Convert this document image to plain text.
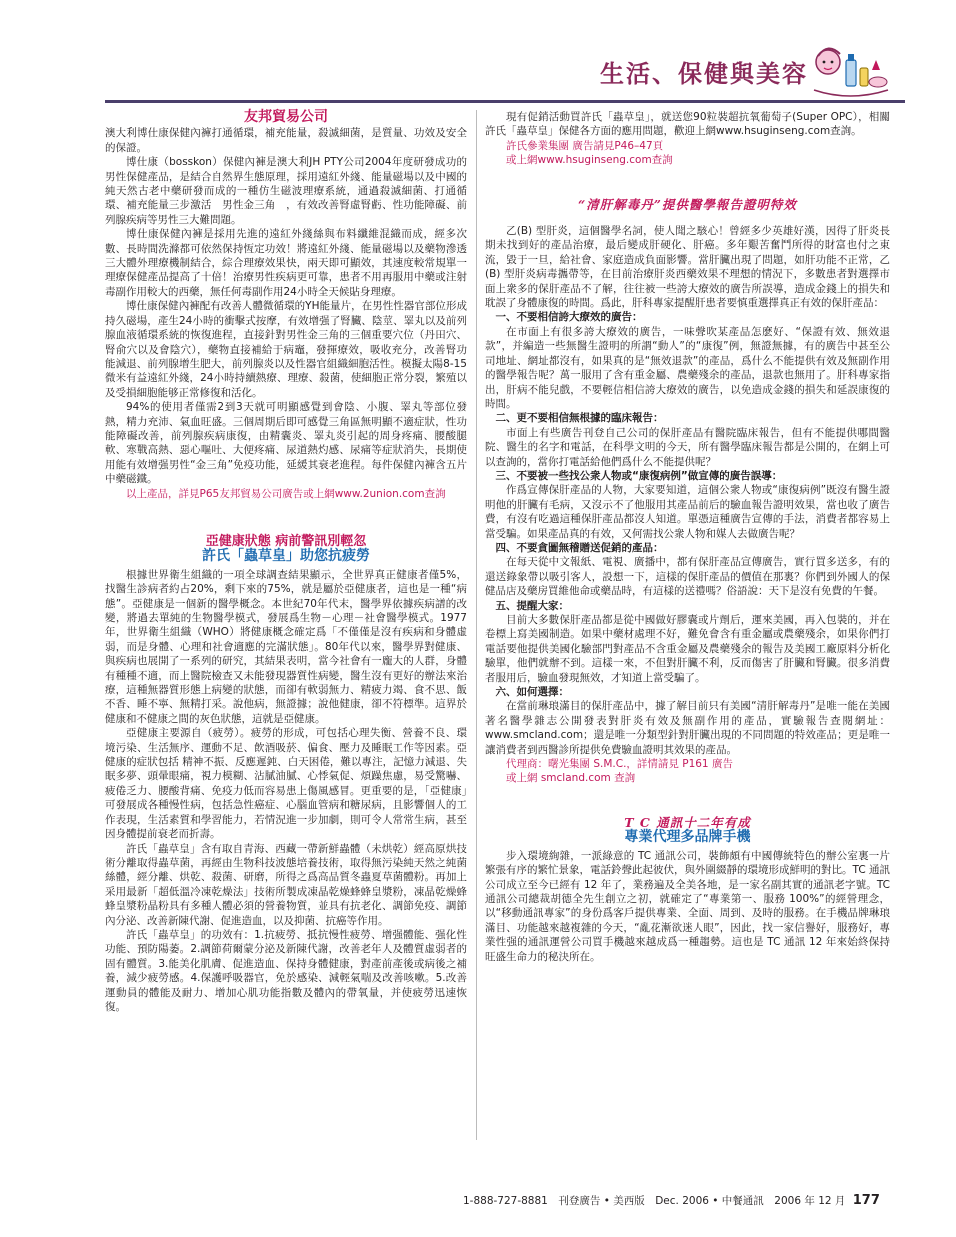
生活、保健與美容
友邦貿易公司

澳大利博仕康保健內褲打通循環，補充能量，殺滅細菌，是質量、功效及安全的保證。

博仕康（bosskon）保健內褲是澳大利JH PTY公司2004年度研發成功的男性保健產品，是結合自然界生態原理，採用遠紅外綫、能量磁場以及中國的純天然古老中藥研發而成的一種仿生磁波理療系統，通過殺滅細菌、打通循環、補充能量三步激活　男性金三角　，有效改善腎虛腎虧、性功能障礙、前列腺疾病等男性三大難問題。

博仕康保健內褲是採用先進的遠紅外綫絲與布料纖維混織而成，經多次數、長時間洗滌都可依然保持恆定功效！將遠紅外綫、能量磁場以及藥物滲透三大體外理療機制結合，綜合理療效果快，兩天即可顯效，其速度較常規單一理療保健產品提高了十倍！治療男性疾病更可靠，患者不用再服用中藥或注射毒副作用較大的西藥，無任何毒副作用24小時全天候貼身理療。

博仕康保健內褲配有改善人體微循環的YH能量片，在男性性器官部位形成持久磁場，產生24小時的衝擊式按摩，有效增强了腎臟、陰莖、睪丸以及前列腺血液循環系統的恢復進程，直接針對男性金三角的三個重要穴位（丹田穴、腎俞穴以及會陰穴），藥物直接補給于病竈，發揮療效，吸收充分，改善腎功能減退、前列腺增生肥大，前列腺炎以及性器官組織細胞活性。模擬太陽8-15微米有益遠紅外綫，24小時持續熱療、理療、殺菌，使細胞正常分裂，繁殖以及受損細胞能够正常修復和活化。

94%的使用者僅需2到3天就可明顯感覺到會陰、小腹、睪丸等部位發熱，精力充沛、氣血旺盛。三個周期后即可感覺三角區無明顯不適症狀，性功能障礙改善，前列腺疾病康復，由精囊炎、睪丸炎引起的周身疼痛、腰酸腿軟、寒戰高熱、惡心嘔吐、大便疼痛、尿道熱灼感、尿痛等症狀消失，長期使用能有效增强男性“金三角”免疫功能，延緩其衰老進程。每件保健內褲含五片中藥磁鐵。

以上產品，詳見P65友邦貿易公司廣告或上網www.2union.com查詢

亞健康狀態 病前警訊別輕忽
許氏「蟲草皇」助您抗疲勞

根據世界衛生組織的一項全球調查結果顯示，全世界真正健康者僅5%，找醫生診病者約占20%，剩下來的75%，就是屬於亞健康者，這也是一種“病態”。亞健康是一個新的醫學概念。本世紀70年代末，醫學界依據疾病譜的改變，將過去單純的生物醫學模式，發展爲生物－心理－社會醫學模式。1977年，世界衛生組織（WHO）將健康概念確定爲「不僅僅是沒有疾病和身體虛弱，而是身體、心理和社會適應的完滿狀態」。80年代以來，醫學界對健康、與疾病也展開了一系列的研究，其結果表明，當今社會有一龐大的人群，身體有種種不適，而上醫院檢查又未能發現器質性病變，醫生沒有更好的辦法來治療，這種無器質形態上病變的狀態，而卻有軟弱無力、精疲力竭、食不思、飯不香、睡不寧、無精打采。說他病，無證據；說他健康，卻不符標準。這界於健康和不健康之間的灰色狀態，這就是亞健康。

亞健康主要源自（疲勞）。疲勞的形成，可包括心理失衡、營養不良、環境污染、生活無序、運動不足、飲酒吸菸、偏食、壓力及睡眠工作等因素。亞健康的症狀包括 精神不振、反應遲鈍、白天困倦，難以專注，記憶力減退、失眠多夢、頭暈眼痛，視力模糊、沾膩油膩、心悸氣促、煩躁焦慮，易受驚嚇、疲倦乏力、腰酸背痛、免疫力低而容易患上傷風感冒。更重要的是，「亞健康」可發展成各種慢性病，包括急性癌症、心腦血管病和糖尿病，且影響個人的工作表現，生活素質和學習能力，若情況進一步加劇，則可令人常常生病，甚至因身體提前衰老而折壽。

許氏「蟲草皇」含有取自青海、西藏一帶新鮮蟲體（未烘乾）經高原烘技術分離取得蟲草菌，再經由生物科技波態培養技術，取得無污染純天然之純菌絲體，經分離、烘乾、殺菌、研磨，所得之爲高品質冬蟲夏草菌體粉。再加上采用最新「超低溫冷凍乾燥法」技術所製成凍晶乾燥蜂蜂皇漿粉，凍晶乾燥蜂蜂皇漿粉晶粉具有多種人體必須的營養物質，並具有抗老化、調節免疫、調節內分泌、改善新陳代謝、促進造血，以及抑菌、抗癌等作用。

許氏「蟲草皇」的功效有：1.抗疲勞、抵抗慢性疲勞、增强體能、强化性功能、預防陽萎。2.調節荷爾蒙分泌及新陳代謝，改善老年人及體質虛弱者的固有體質。3.能美化肌膚、促進造血、保持身體健康，對產前產後或病後之補養，減少疲勞感。4.保護呼吸器官，免於感染、減輕氣喘及改善咳嗽。5.改善運動員的體能及耐力、增加心肌功能指數及體內的帶氧量，并使疲勞迅速恢復。

現有促銷活動買許氏「蟲草皇」，就送您90粒裝超抗氧葡萄子(Super OPC），相關許氏「蟲草皇」保健各方面的應用問題，歡迎上網www.hsuginseng.com查詢。

許氏參業集團 廣告請見P46–47頁

或上網www.hsuginseng.com查詢

“清肝解毒丹”提供醫學報告證明特效

乙(B) 型肝炎，這個醫學名詞，使人聞之駭心！曾經多少英雄好漢，因得了肝炎長期未找到好的產品治療，最后變成肝硬化、肝癌。多年艱苦奮鬥所得的財富也付之東流，毀于一旦，給社會、家庭造成負面影響。當肝臟出現了問題，如肝功能不正常，乙 (B) 型肝炎病毒攜帶等，在目前治療肝炎西藥效果不理想的情況下，多數患者對選擇市面上衆多的保肝產品不了解，往往被一些誇大療效的廣告所誤導，造成金錢上的損失和耽誤了身體康復的時間。爲此，肝科專家提醒肝患者要慎重選擇真正有效的保肝產品：

一、不要相信誇大療效的廣告：

在市面上有很多誇大療效的廣告，一味聲吹某產品怎麽好、“保證有效、無效退款”，并編造一些無醫生證明的所謂“動人”的“康復”例，無證無據，有的廣告中甚至公司地址、網址都沒有，如果真的是“無效退款”的產品，爲什么不能提供有效及無副作用的醫學報告呢？萬一服用了含有重金屬、農藥殘余的產品，退款也無用了。肝科專家指出，肝病不能兒戲，不要輕信相信誇大療效的廣告，以免造成金錢的損失和延誤康復的時間。

二、更不要相信無根據的臨床報告：

市面上有些廣告刊登自己公司的保肝產品有醫院臨床報告，但有不能提供哪間醫院、醫生的名字和電話，在科學文明的今天，所有醫學臨床報告都是公開的，在網上可以查詢的，當你打電話給他們爲什么不能提供呢？

三、不要被一些找公衆人物或“康復病例”做宣傳的廣告誤導：

作爲宣傳保肝產品的人物，大家要知道，這個公衆人物或“康復病例”既沒有醫生證明他的肝臟有毛病，又沒示不了他服用其產品前后的驗血報告證明效果，當也收了廣告費，有沒有吃過這種保肝產品都沒人知道。單憑這種廣告宣傳的手法，消費者都容易上當受騙。如果產品真的有效，又何需找公衆人物和媒人去做廣告呢？

四、不要貪圖無稽贈送促銷的產品：

在每天從中文報紙、電視、廣播中，都有保肝產品宣傳廣告，實行買多送多，有的還送錄象帶以吸引客人，設想一下，這樣的保肝產品的價值在那裏？你們到外國人的保健品店及藥房買維他命或藥品時，有這樣的送禮嗎？俗語說：天下是沒有免費的午餐。

五、提醒大家：

目前大多數保肝產品都是從中國做好膠囊或片劑后，運來美國，再入包裝的，并在卷標上寫美國制造。如果中藥材處理不好，難免會含有重金屬或農藥殘余，如果你們打電話要他提供美國化驗部門對產品不含重金屬及農藥殘余的報告及美國工廠原料分析化驗單，他們就辦不到。這樣一來，不但對肝臟不利，反而傷害了肝臟和腎臟。很多消費者服用后，驗血發現無效，才知道上當受騙了。

六、如何選擇：

在當前琳琅滿目的保肝產品中，據了解目前只有美國“清肝解毒丹”是唯一能在美國著名醫學雜志公開發表對肝炎有效及無副作用的產品，實驗報告查閱網址：www.smcland.com；還是唯一分類型針對肝臟出現的不同問題的特效產品；更是唯一讓消費者到西醫診所提供免費驗血證明其效果的產品。

代理商：曙光集團 S.M.C.，詳情請見 P161 廣告

或上網 smcland.com 查詢

T C 通訊十二年有成
專業代理多品牌手機

步入環境絢雜，一派綠意的 TC 通訊公司，裝飾頗有中國傳統特色的辦公室裏一片繁張有序的繁忙景象，電話鈴聲此起彼伏，與外圍綴靜的環境形成鮮明的對比。TC 通訊公司成立至今已經有 12 年了，業務遍及全美各地，是一家名副其實的通訊老字號。TC 通訊公司總裁胡德全先生創立之初，就確定了“專業第一、服務 100%”的經營理念，以“移動通訊專家”的身份爲客戶提供專業、全面、周到、及時的服務。在手機品牌琳琅滿目、功能越來越複雜的今天，“亂花漸欲迷人眼”，因此，找一家信譽好，服務好，專業性强的通訊運營公司買手機越來越成爲一種趨勢。這也是 TC 通訊 12 年來始終保持旺盛生命力的秘決所在。

1-888-727-8881　刊登廣告 • 美西版　Dec. 2006 • 中餐通訊　2006 年 12 月 177
